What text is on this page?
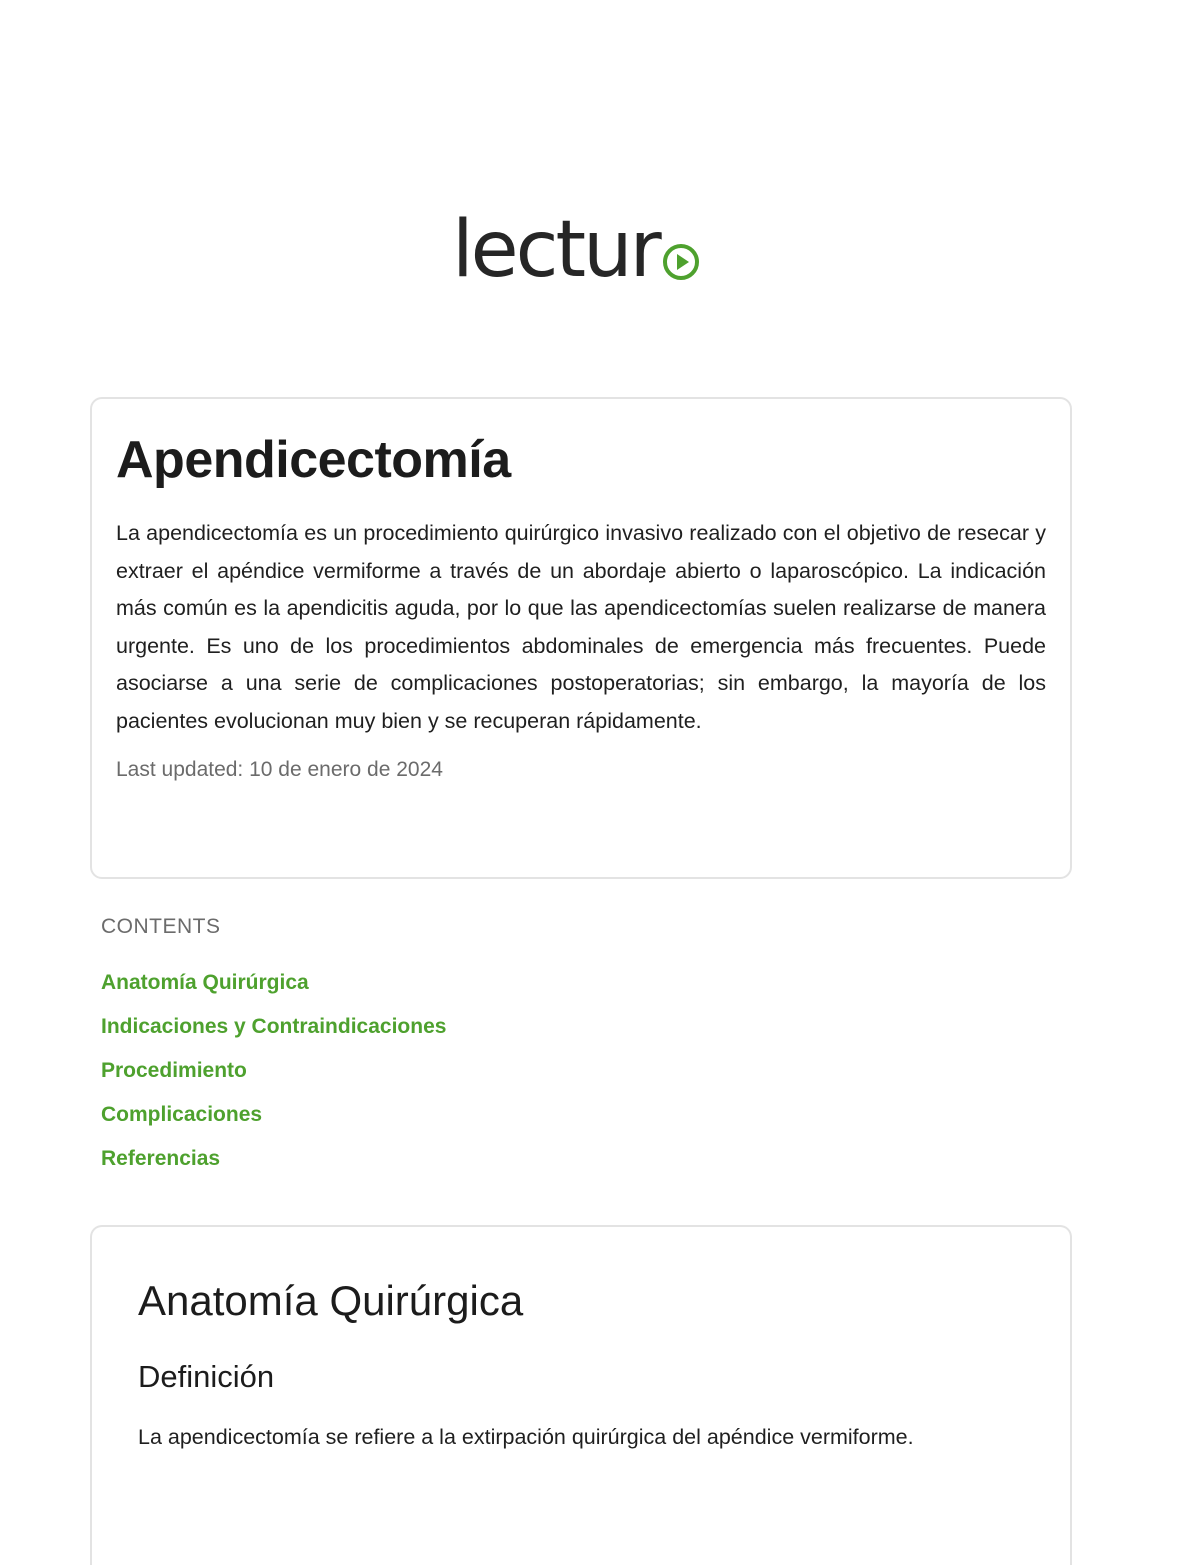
lectur
Apendicectomía

La apendicectomía es un procedimiento quirúrgico invasivo realizado con el objetivo de resecar y extraer el apéndice vermiforme a través de un abordaje abierto o laparoscópico. La indicación más común es la apendicitis aguda, por lo que las apendicectomías suelen realizarse de manera urgente. Es uno de los procedimientos abdominales de emergencia más frecuentes. Puede asociarse a una serie de complicaciones postoperatorias; sin embargo, la mayoría de los pacientes evolucionan muy bien y se recuperan rápidamente.

Last updated: 10 de enero de 2024
CONTENTS
Anatomía Quirúrgica
Indicaciones y Contraindicaciones
Procedimiento
Complicaciones
Referencias
Anatomía Quirúrgica
Definición

La apendicectomía se refiere a la extirpación quirúrgica del apéndice vermiforme.
